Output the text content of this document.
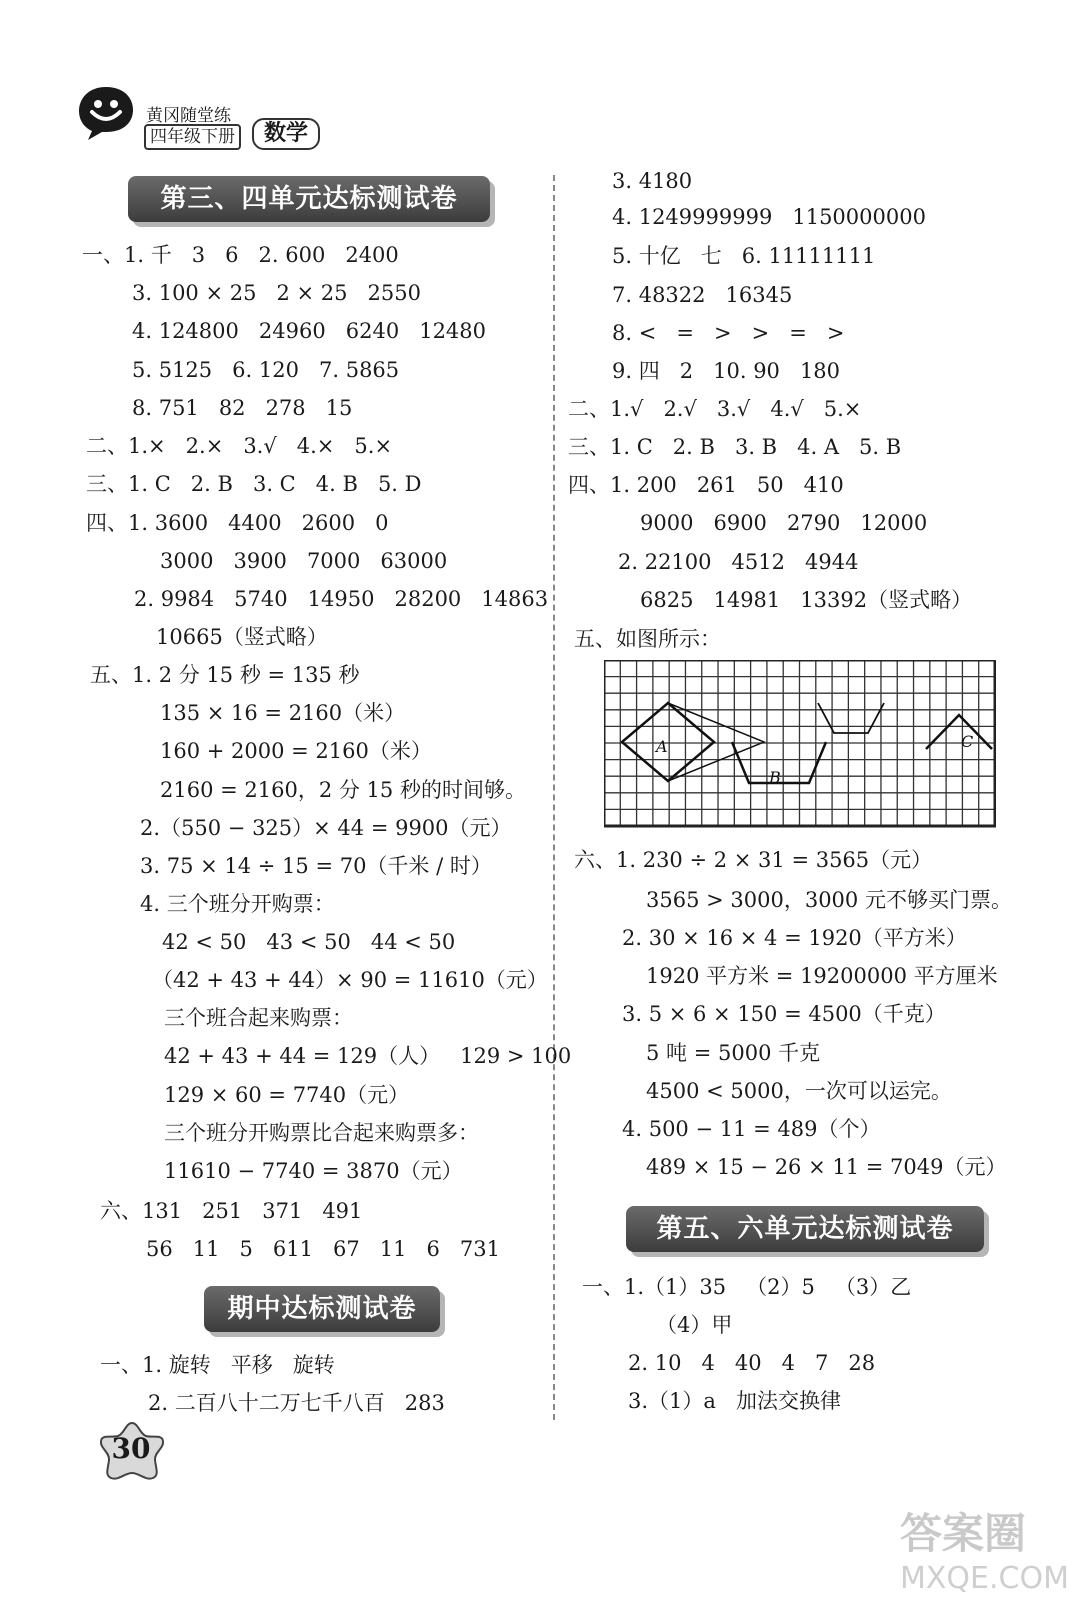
黄冈随堂练
四年级下册	数学
第三、四单元达标测试卷
期中达标测试卷
第五、六单元达标测试卷
一、1. 千   3   6   2. 600   2400
3. 100 × 25   2 × 25   2550
4. 124800   24960   6240   12480
5. 5125   6. 120   7. 5865
8. 751   82   278   15
二、1.×   2.×   3.√   4.×   5.×
三、1. C   2. B   3. C   4. B   5. D
四、1. 3600   4400   2600   0
3000   3900   7000   63000
2. 9984   5740   14950   28200   14863
10665（竖式略）
五、1. 2 分 15 秒 = 135 秒
135 × 16 = 2160（米）
160 + 2000 = 2160（米）
2160 = 2160，2 分 15 秒的时间够。
2.（550 − 325）× 44 = 9900（元）
3. 75 × 14 ÷ 15 = 70（千米 / 时）
4. 三个班分开购票：
42 < 50   43 < 50   44 < 50
（42 + 43 + 44）× 90 = 11610（元）
三个班合起来购票：
42 + 43 + 44 = 129（人）   129 > 100
129 × 60 = 7740（元）
三个班分开购票比合起来购票多：
11610 − 7740 = 3870（元）
六、131   251   371   491
56   11   5   611   67   11   6   731
一、1. 旋转   平移   旋转
2. 二百八十二万七千八百   283
3. 4180
4. 1249999999   1150000000
5. 十亿   七   6. 11111111
7. 48322   16345
8. <   =   >   >   =   >
9. 四   2   10. 90   180
二、1.√   2.√   3.√   4.√   5.×
三、1. C   2. B   3. B   4. A   5. B
四、1. 200   261   50   410
9000   6900   2790   12000
2. 22100   4512   4944
6825   14981   13392（竖式略）
五、如图所示：
A
B
C
六、1. 230 ÷ 2 × 31 = 3565（元）
3565 > 3000，3000 元不够买门票。
2. 30 × 16 × 4 = 1920（平方米）
1920 平方米 = 19200000 平方厘米
3. 5 × 6 × 150 = 4500（千克）
5 吨 = 5000 千克
4500 < 5000，一次可以运完。
4. 500 − 11 = 489（个）
489 × 15 − 26 × 11 = 7049（元）
一、1.（1）35   （2）5   （3）乙
（4）甲
2. 10   4   40   4   7   28
3.（1）a   加法交换律
30
答案圈
MXQE.COM
